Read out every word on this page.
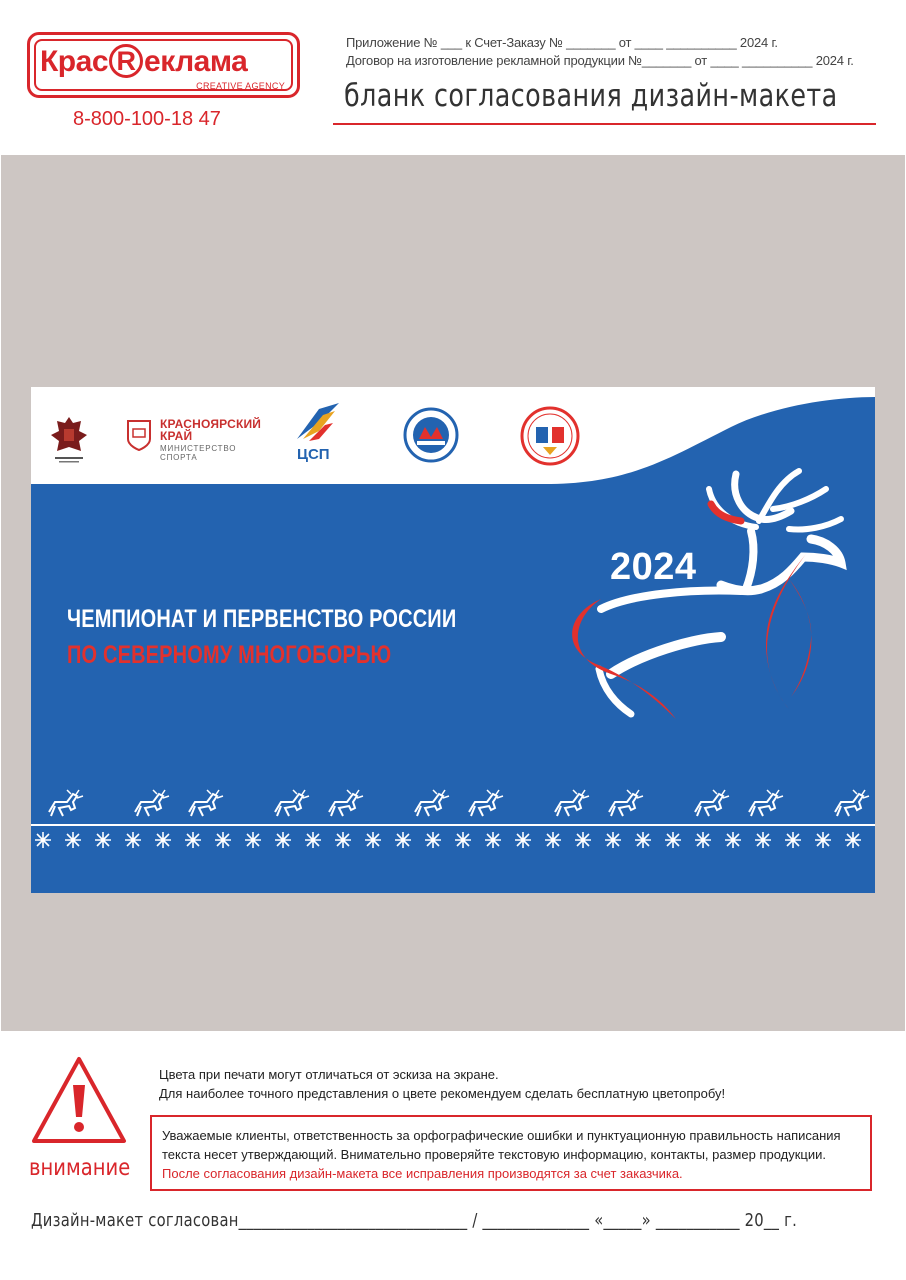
Крас R еклама
CREATIVE AGENCY
8-800-100-18 47
Приложение № ___ к Счет-Заказу № _______ от ____ __________ 2024 г.
Договор на изготовление рекламной продукции №_______ от ____ __________ 2024 г.
бланк согласования дизайн-макета
КРАСНОЯРСКИЙ
КРАЙ
МИНИСТЕРСТВО
СПОРТА	ЦСП
2024
ЧЕМПИОНАТ И ПЕРВЕНСТВО РОССИИ
ПО СЕВЕРНОМУ МНОГОБОРЬЮ
внимание
Цвета при печати могут отличаться от эскиза на экране.
Для наиболее точного представления о цвете рекомендуем сделать бесплатную цветопробу!
Уважаемые клиенты, ответственность за орфографические ошибки и пунктуационную правильность написания
текста несет утверждающий. Внимательно проверяйте текстовую информацию, контакты, размер продукции.
После согласования дизайн-макета все исправления производятся за счет заказчика.
Дизайн-макет согласован______________________________ / ______________ «_____» ___________ 20__ г.
